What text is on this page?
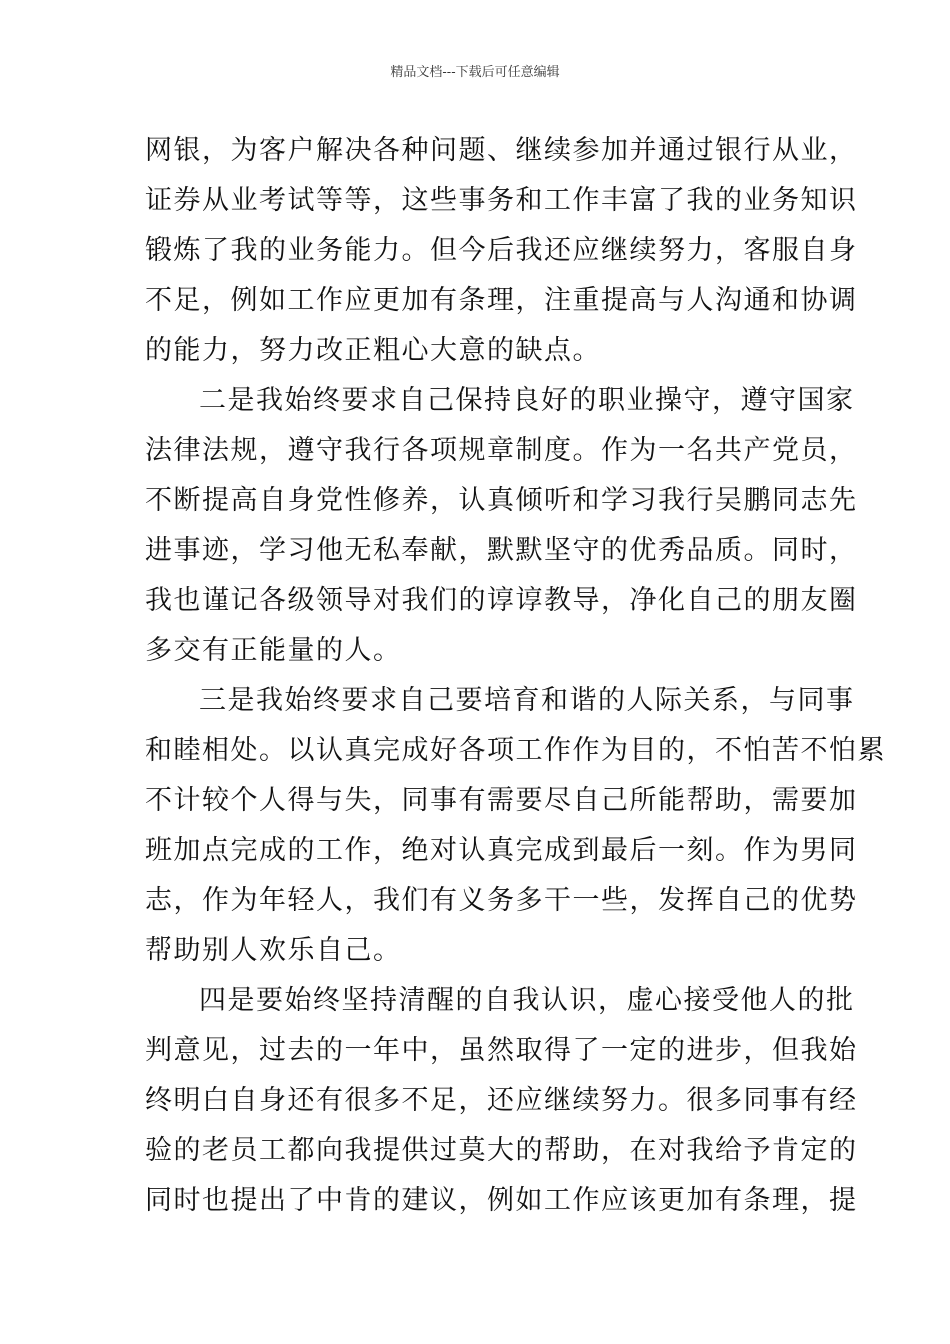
精品文档---下载后可任意编辑
网银，为客户解决各种问题、继续参加并通过银行从业，
证券从业考试等等，这些事务和工作丰富了我的业务知识
锻炼了我的业务能力。但今后我还应继续努力，客服自身
不足，例如工作应更加有条理，注重提高与人沟通和协调
的能力，努力改正粗心大意的缺点。
二是我始终要求自己保持良好的职业操守，遵守国家
法律法规，遵守我行各项规章制度。作为一名共产党员，
不断提高自身党性修养，认真倾听和学习我行吴鹏同志先
进事迹，学习他无私奉献，默默坚守的优秀品质。同时，
我也谨记各级领导对我们的谆谆教导，净化自己的朋友圈
多交有正能量的人。
三是我始终要求自己要培育和谐的人际关系，与同事
和睦相处。以认真完成好各项工作作为目的，不怕苦不怕累
不计较个人得与失，同事有需要尽自己所能帮助，需要加
班加点完成的工作，绝对认真完成到最后一刻。作为男同
志，作为年轻人，我们有义务多干一些，发挥自己的优势
帮助别人欢乐自己。
四是要始终坚持清醒的自我认识，虚心接受他人的批
判意见，过去的一年中，虽然取得了一定的进步，但我始
终明白自身还有很多不足，还应继续努力。很多同事有经
验的老员工都向我提供过莫大的帮助，在对我给予肯定的
同时也提出了中肯的建议，例如工作应该更加有条理，提
